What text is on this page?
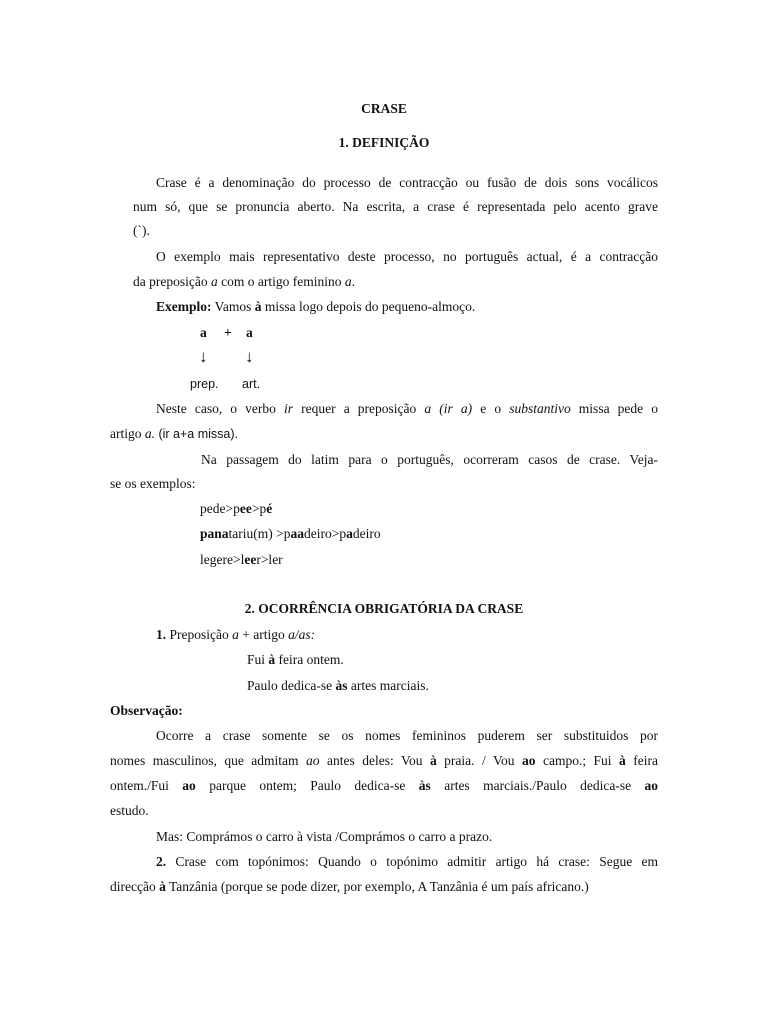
CRASE
1. DEFINIÇÃO
Crase é a denominação do processo de contracção ou fusão de dois sons vocálicos
num só, que se pronuncia aberto. Na escrita, a crase é representada pelo acento grave
(`).
O exemplo mais representativo deste processo, no português actual, é a contracção
da preposição a com o artigo feminino a.
Exemplo: Vamos à missa logo depois do pequeno-almoço.
a + a
↓ ↓
prep. art.
Neste caso, o verbo ir requer a preposição a (ir a) e o substantivo missa pede o
artigo a. (ir a+a missa).
Na passagem do latim para o português, ocorreram casos de crase. Veja-
se os exemplos:
pede>pee>pé
panatariu(m) >paadeiro>padeiro
legere>leer>ler
2. OCORRÊNCIA OBRIGATÓRIA DA CRASE
1. Preposição a + artigo a/as:
Fui à feira ontem.
Paulo dedica-se às artes marciais.
Observação:
Ocorre a crase somente se os nomes femininos puderem ser substituidos por
nomes masculinos, que admitam ao antes deles: Vou à praia. / Vou ao campo.; Fui à feira
ontem./Fui ao parque ontem; Paulo dedica-se às artes marciais./Paulo dedica-se ao
estudo.
Mas: Comprámos o carro à vista /Comprámos o carro a prazo.
2. Crase com topónimos: Quando o topónimo admitir artigo há crase: Segue em
direcção à Tanzânia (porque se pode dizer, por exemplo, A Tanzânia é um país africano.)
